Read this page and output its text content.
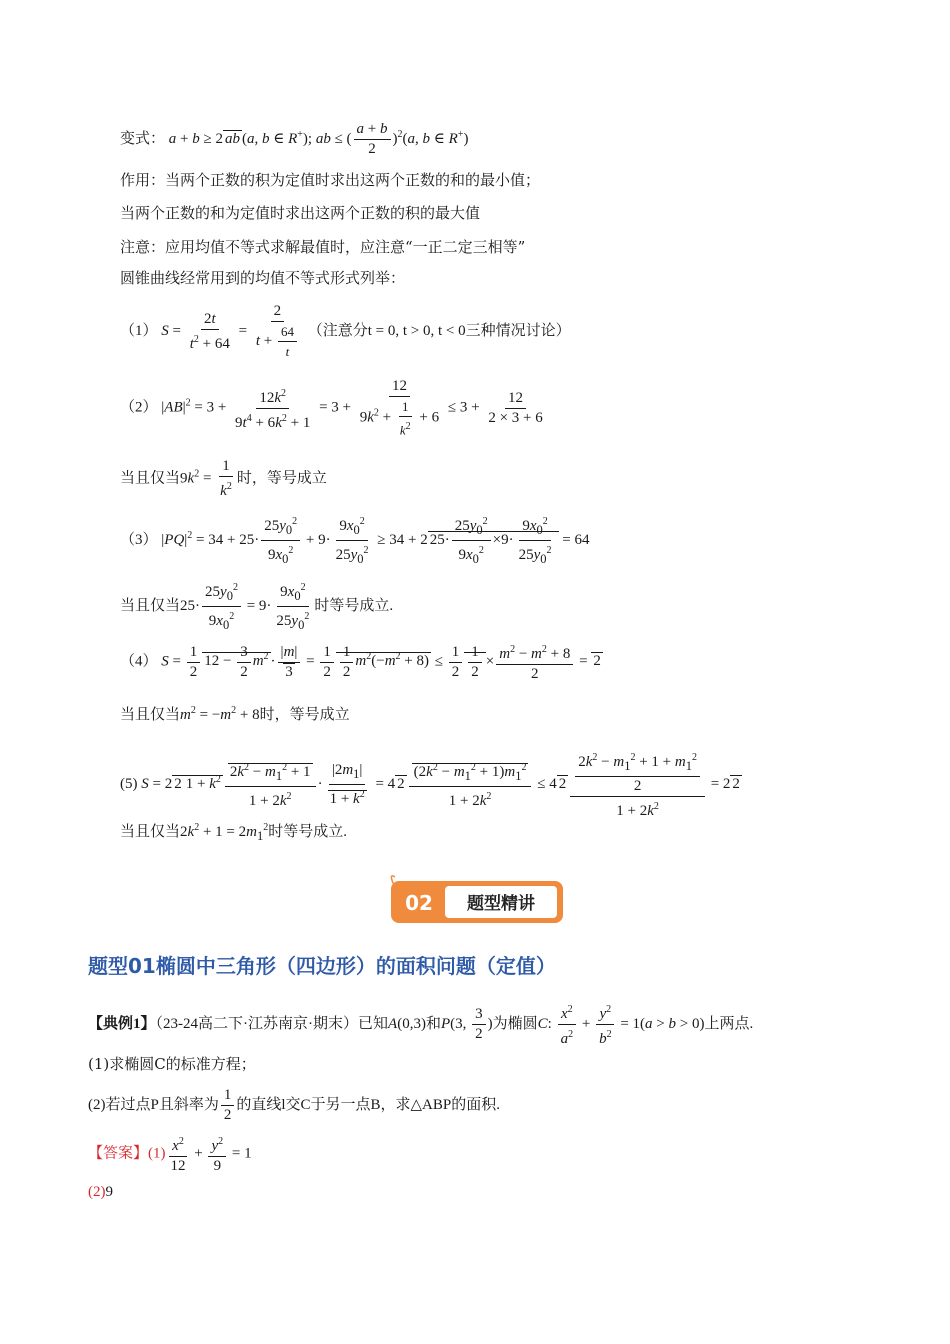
变式： a + b ≥ 2 ab (a, b ∈ R+); ab ≤ ( $\frac{a + b}{2} )^2(a$, b ∈ R+)
作用：当两个正数的积为定值时求出这两个正数的和的最小值；
当两个正数的和为定值时求出这两个正数的积的最大值
注意：应用均值不等式求解最值时，应注意“一正二定三相等”
圆锥曲线经常用到的均值不等式形式列举：
（1） $S = \frac{2t}{t^2 + 64} = \frac{2}{t + \frac{64}{t}}$ （注意分t = 0, t > 0, t < 0三种情况讨论）
（2） $|AB|^2 = 3 + \frac{12k^2}{9t^4 + 6k^2 + 1} = 3 + \frac{12}{9k^2 + \frac{1}{k^2} + 6} \le 3 + \frac{12}{2 \times 3 + 6}$
当且仅当$9k^2 = \frac{1}{k^2}$ 时，等号成立
（3） $|PQ|^2 = 34 + 25\cdot \frac{25y_0^2}{9x_0^2} + 9\cdot \frac{9x_0^2}{25y_0^2} \ge 34 + 2$ $25\cdot \frac{25y_0^2}{9x_0^2} \times 9\cdot \frac{9x_0^2}{25y_0^2} = 64$
当且仅当$25\cdot \frac{25y_0^2}{9x_0^2} = 9\cdot \frac{9x_0^2}{25y_0^2}$ 时等号成立.
（4） $S = \frac{1}{2} 12 - \frac{3}{2} m^2 \cdot \frac{|m|}{3} = \frac{1}{2} \frac{1}{2} m^2(-m^2 + 8) \le \frac{1}{2} \frac{1}{2} \times \frac{m^2 - m^2 + 8}{2} = 2$
当且仅当$m^2 = -m^2 + 8$时，等号成立
(5) S = 2 2 $1 + k^2 \frac{2k^2 - m_1^2 + 1}{1 + 2k^2} \cdot \frac{|2m_1|}{1 + k^2} = 4$ $2 \frac{(2k^2 - m_1^2 + 1)m_1^2}{1 + 2k^2} \le 4$ $2 \frac{\frac{2k^2 - m_1^2 + 1 + m_1^2}{2}}{1 + 2k^2} = 2$ 2
当且仅当$2k^2 + 1 = 2m_1^2$时等号成立.
02 题型精讲
题型01椭圆中三角形（四边形）的面积问题（定值）
【典例1】（23-24高二下·江苏南京·期末）已知A(0,3)和P(3, $\frac{3}{2}$ )为椭圆C: $\frac{x^2}{a^2} + \frac{y^2}{b^2} = 1(a > b > 0)$上两点.
(1)求椭圆C的标准方程；
(2)若过点P且斜率为 $\frac{1}{2}$ 的直线l交C于另一点B，求△ABP的面积.
【答案】$(1) \frac{x^2}{12} + \frac{y^2}{9} = 1$
(2)9
